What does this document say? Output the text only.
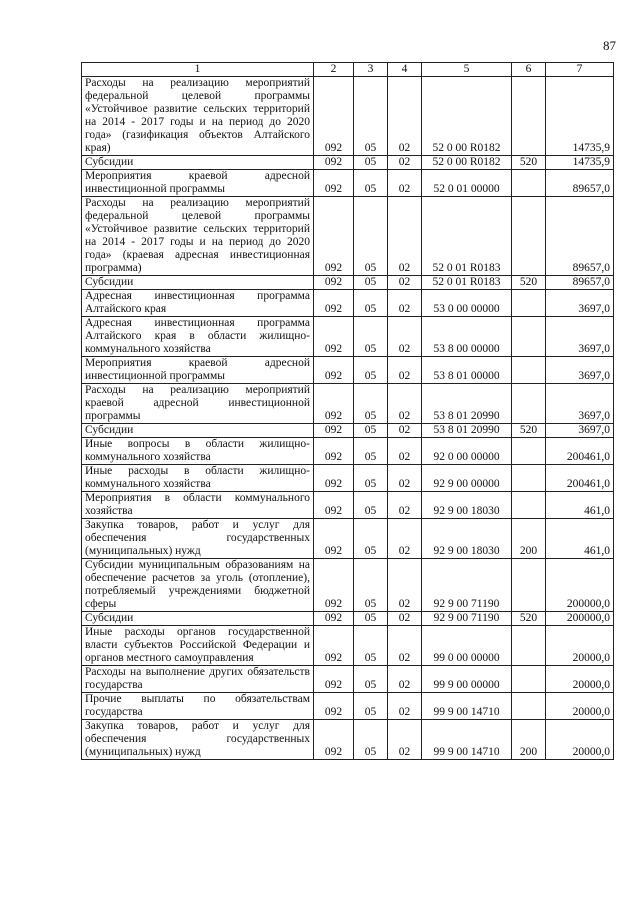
87
1	2	3	4	5	6	7
Расходы на реализацию мероприятий федеральной целевой программы «Устойчивое развитие сельских территорий на 2014 - 2017 годы и на период до 2020 года» (газификация объектов Алтайского края)	092	05	02	52 0 00 R0182		14735,9
Субсидии	092	05	02	52 0 00 R0182	520	14735,9
Мероприятия краевой адресной инвестиционной программы	092	05	02	52 0 01 00000		89657,0
Расходы на реализацию мероприятий федеральной целевой программы «Устойчивое развитие сельских территорий на 2014 - 2017 годы и на период до 2020 года» (краевая адресная инвестиционная программа)	092	05	02	52 0 01 R0183		89657,0
Субсидии	092	05	02	52 0 01 R0183	520	89657,0
Адресная инвестиционная программа Алтайского края	092	05	02	53 0 00 00000		3697,0
Адресная инвестиционная программа Алтайского края в области жилищно-коммунального хозяйства	092	05	02	53 8 00 00000		3697,0
Мероприятия краевой адресной инвестиционной программы	092	05	02	53 8 01 00000		3697,0
Расходы на реализацию мероприятий краевой адресной инвестиционной программы	092	05	02	53 8 01 20990		3697,0
Субсидии	092	05	02	53 8 01 20990	520	3697,0
Иные вопросы в области жилищно-коммунального хозяйства	092	05	02	92 0 00 00000		200461,0
Иные расходы в области жилищно-коммунального хозяйства	092	05	02	92 9 00 00000		200461,0
Мероприятия в области коммунального хозяйства	092	05	02	92 9 00 18030		461,0
Закупка товаров, работ и услуг для обеспечения государственных (муниципальных) нужд	092	05	02	92 9 00 18030	200	461,0
Субсидии муниципальным образованиям на обеспечение расчетов за уголь (отопление), потребляемый учреждениями бюджетной сферы	092	05	02	92 9 00 71190		200000,0
Субсидии	092	05	02	92 9 00 71190	520	200000,0
Иные расходы органов государственной власти субъектов Российской Федерации и органов местного самоуправления	092	05	02	99 0 00 00000		20000,0
Расходы на выполнение других обязательств государства	092	05	02	99 9 00 00000		20000,0
Прочие выплаты по обязательствам государства	092	05	02	99 9 00 14710		20000,0
Закупка товаров, работ и услуг для обеспечения государственных (муниципальных) нужд	092	05	02	99 9 00 14710	200	20000,0
